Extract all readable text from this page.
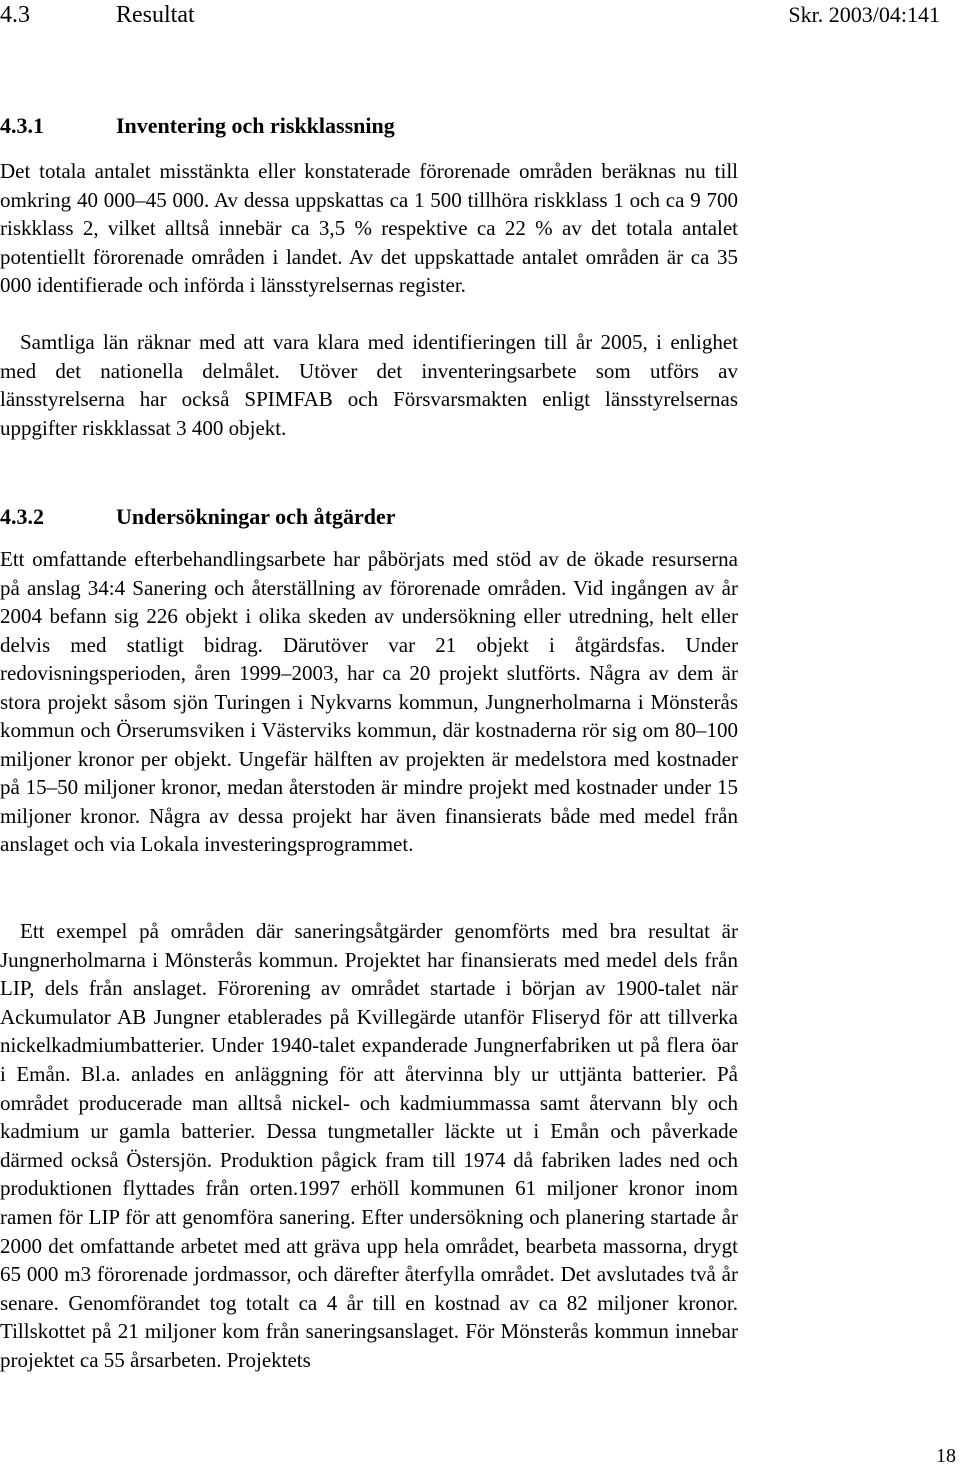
4.3	Resultat	Skr. 2003/04:141
4.3.1	Inventering och riskklassning

Det totala antalet misstänkta eller konstaterade förorenade områden beräknas nu till omkring 40 000–45 000. Av dessa uppskattas ca 1 500 tillhöra riskklass 1 och ca 9 700 riskklass 2, vilket alltså innebär ca 3,5 % respektive ca 22 % av det totala antalet potentiellt förorenade områden i landet. Av det uppskattade antalet områden är ca 35 000 identifierade och införda i länsstyrelsernas register.

Samtliga län räknar med att vara klara med identifieringen till år 2005, i enlighet med det nationella delmålet. Utöver det inventeringsarbete som utförs av länsstyrelserna har också SPIMFAB och Försvarsmakten enligt länsstyrelsernas uppgifter riskklassat 3 400 objekt.

4.3.2	Undersökningar och åtgärder

Ett omfattande efterbehandlingsarbete har påbörjats med stöd av de ökade resurserna på anslag 34:4 Sanering och återställning av förorenade områden. Vid ingången av år 2004 befann sig 226 objekt i olika skeden av undersökning eller utredning, helt eller delvis med statligt bidrag. Därutöver var 21 objekt i åtgärdsfas. Under redovisningsperioden, åren 1999–2003, har ca 20 projekt slutförts. Några av dem är stora projekt såsom sjön Turingen i Nykvarns kommun, Jungnerholmarna i Mönsterås kommun och Örserumsviken i Västerviks kommun, där kostnaderna rör sig om 80–100 miljoner kronor per objekt. Ungefär hälften av projekten är medelstora med kostnader på 15–50 miljoner kronor, medan återstoden är mindre projekt med kostnader under 15 miljoner kronor. Några av dessa projekt har även finansierats både med medel från anslaget och via Lokala investeringsprogrammet.

Ett exempel på områden där saneringsåtgärder genomförts med bra resultat är Jungnerholmarna i Mönsterås kommun. Projektet har finansierats med medel dels från LIP, dels från anslaget. Förorening av området startade i början av 1900-talet när Ackumulator AB Jungner etablerades på Kvillegärde utanför Fliseryd för att tillverka nickelkadmiumbatterier. Under 1940-talet expanderade Jungnerfabriken ut på flera öar i Emån. Bl.a. anlades en anläggning för att återvinna bly ur uttjänta batterier. På området producerade man alltså nickel- och kadmiummassa samt återvann bly och kadmium ur gamla batterier. Dessa tungmetaller läckte ut i Emån och påverkade därmed också Östersjön. Produktion pågick fram till 1974 då fabriken lades ned och produktionen flyttades från orten.1997 erhöll kommunen 61 miljoner kronor inom ramen för LIP för att genomföra sanering. Efter undersökning och planering startade år 2000 det omfattande arbetet med att gräva upp hela området, bearbeta massorna, drygt 65 000 m3 förorenade jordmassor, och därefter återfylla området. Det avslutades två år senare. Genomförandet tog totalt ca 4 år till en kostnad av ca 82 miljoner kronor. Tillskottet på 21 miljoner kom från saneringsanslaget. För Mönsterås kommun innebar projektet ca 55 årsarbeten. Projektets

18
